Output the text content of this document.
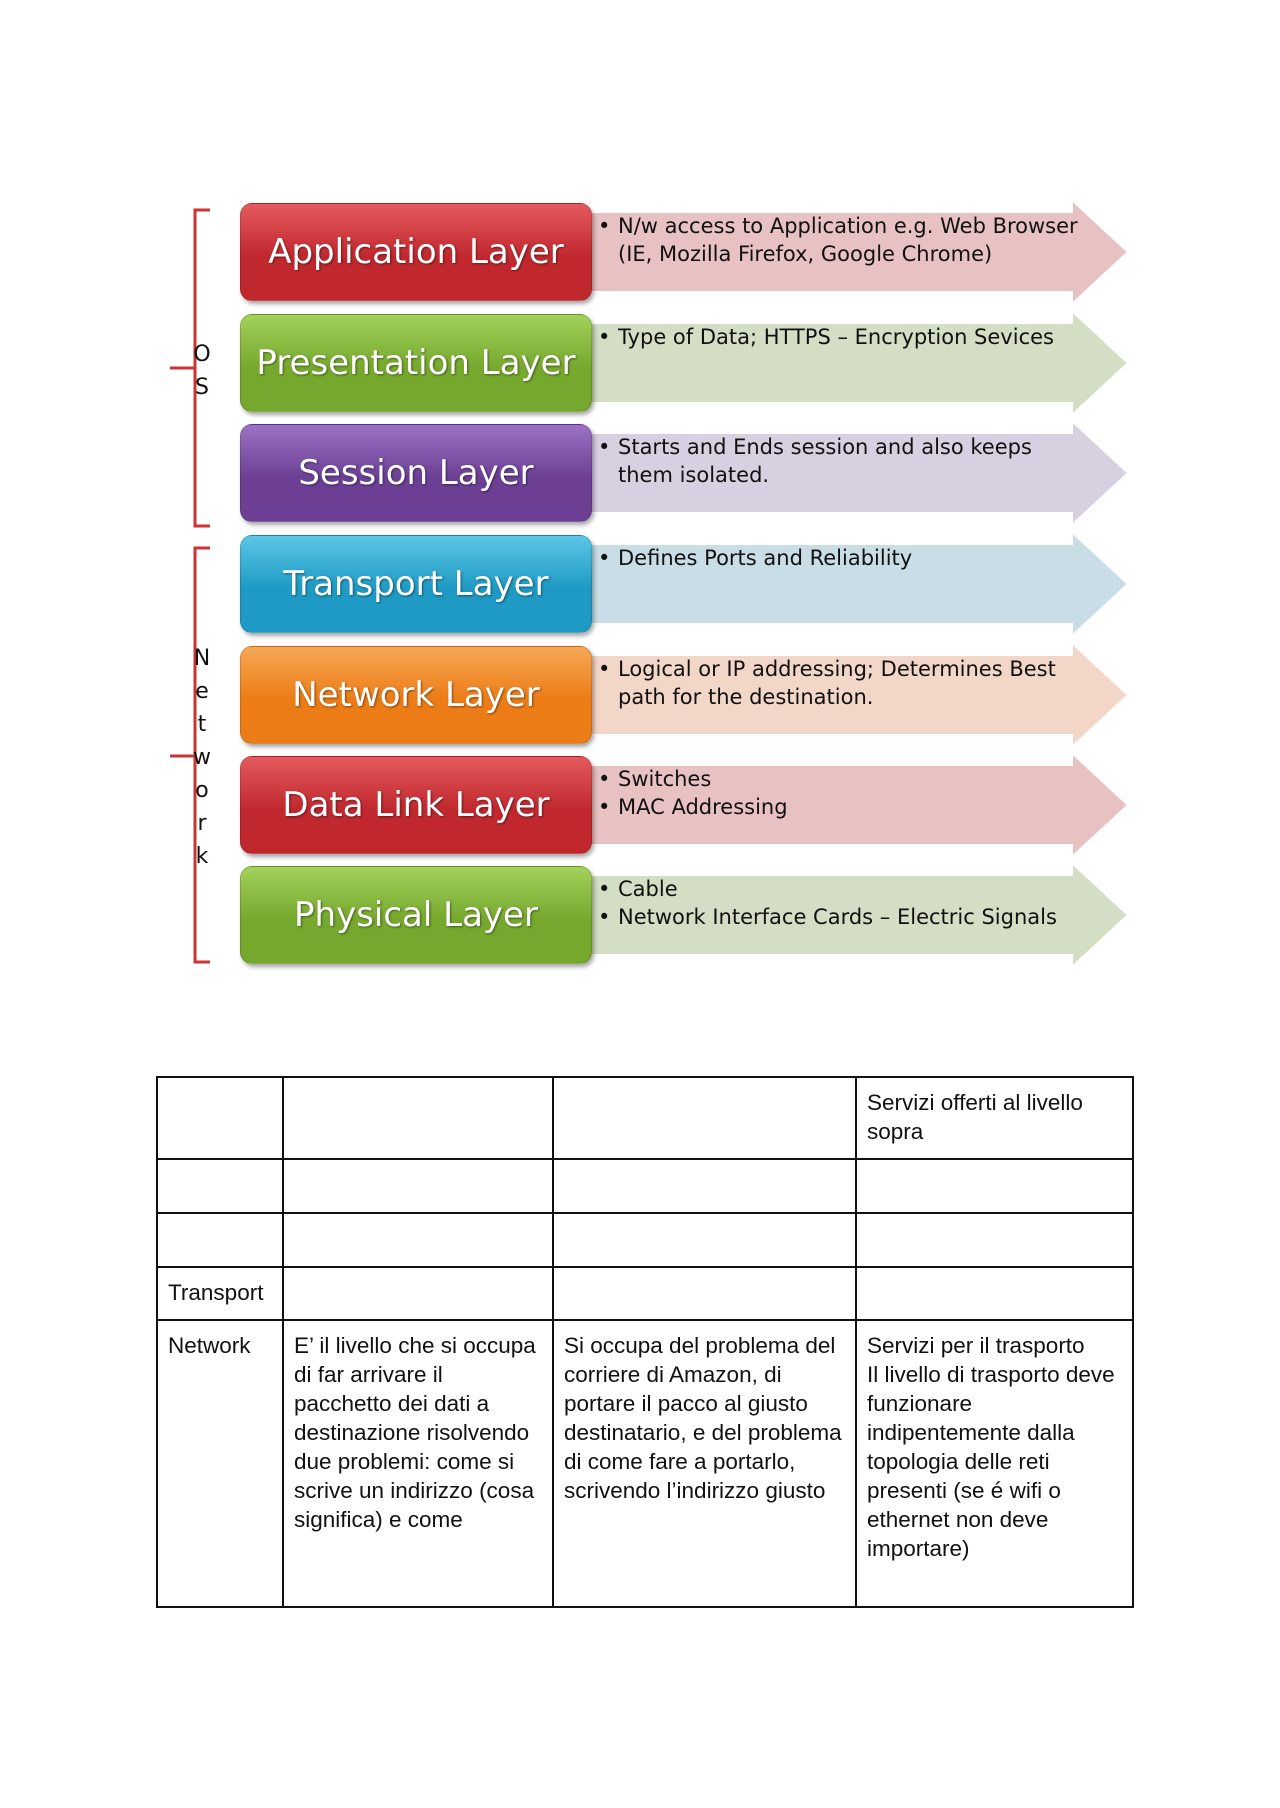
O
S
N
e
t
w
o
r
k
Application Layer
• N/w access to Application e.g. Web Browser (IE, Mozilla Firefox, Google Chrome)
Presentation Layer
• Type of Data; HTTPS – Encryption Sevices
Session Layer
• Starts and Ends session and also keeps them isolated.
Transport Layer
• Defines Ports and Reliability
Network Layer
• Logical or IP addressing; Determines Best path for the destination.
Data Link Layer
• Switches
• MAC Addressing
Physical Layer
• Cable
• Network Interface Cards – Electric Signals
			Servizi offerti al livello sopra

Transport			
Network	E’ il livello che si occupa di far arrivare il pacchetto dei dati a destinazione risolvendo due problemi: come si scrive un indirizzo (cosa significa) e come	Si occupa del problema del corriere di Amazon, di portare il pacco al giusto destinatario, e del problema di come fare a portarlo, scrivendo l’indirizzo giusto	Servizi per il trasporto
Il livello di trasporto deve funzionare indipentemente dalla topologia delle reti presenti (se é wifi o ethernet non deve importare)
